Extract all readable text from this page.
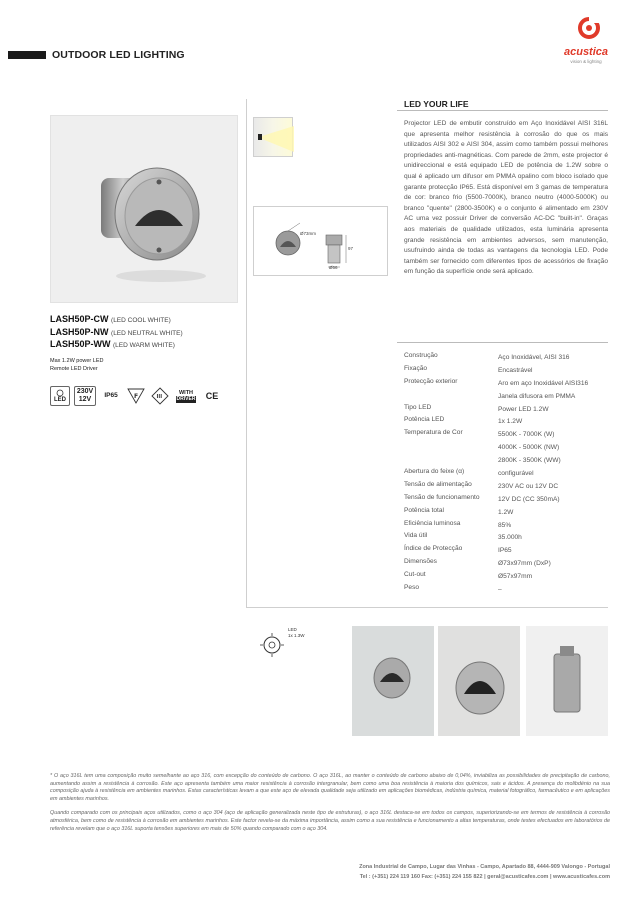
OUTDOOR LED LIGHTING	acustica
vision & lighting
LASH50P-CW (LED COOL WHITE)
LASH50P-NW (LED NEUTRAL WHITE)
LASH50P-WW (LED WARM WHITE)
Max 1.2W power LED
Remote LED Driver
LED
230V
12V
IP65	F	III
WITH
DRIVER	CE
Ø73mm
97
Ø56
LED YOUR LIFE
Projector LED de embutir construído em Aço Inoxidável AISI 316L que apresenta melhor resistência à corrosão do que os mais utilizados AISI 302 e AISI 304, assim como também possui melhores propriedades anti-magnéticas. Com parede de 2mm, este projector é unidireccional e está equipado LED de potência de 1.2W sobre o qual é aplicado um difusor em PMMA opalino com bloco isolado que garante protecção IP65. Está disponível em 3 gamas de temperatura de cor: branco frio (5500-7000K), branco neutro (4000-5000K) ou branco "quente" (2800-3500K) e o conjunto é alimentado em 230V AC uma vez possuir Driver de conversão AC-DC "built-in". Graças aos materiais de qualidade utilizados, esta luminária apresenta grande resistência em ambientes adversos, sem manutenção, usufruindo ainda de todas as vantagens da tecnologia LED. Pode também ser fornecido com diferentes tipos de acessórios de fixação em função da superfície onde será aplicado.
Construção	Aço Inoxidável, AISI 316
Fixação	Encastrável
Protecção exterior	Aro em aço Inoxidável AISI316
Janela difusora em PMMA
Tipo LED	Power LED 1.2W
Potência LED	1x 1.2W
Temperatura de Cor	5500K - 7000K (W)
4000K - 5000K (NW)
2800K - 3500K (WW)
Abertura do feixe (α)	configurável
Tensão de alimentação	230V AC ou 12V DC
Tensão de funcionamento	12V DC (CC 350mA)
Potência total	1.2W
Eficiência luminosa	85%
Vida útil	35.000h
Índice de Protecção	IP65
Dimensões	Ø73x97mm (DxP)
Cut-out	Ø57x97mm
Peso	–
LED
1x 1.3W

* O aço 316L tem uma composição muito semelhante ao aço 316, com excepção do conteúdo de carbono. O aço 316L, ao manter o conteúdo de carbono abaixo de 0,04%, inviabiliza as possibilidades de precipitação de carbono, aumentando assim a resistência à corrosão. Este aço apresenta também uma maior resistência à corrosão intergranular, bem como uma boa resistência à maioria dos químicos, sais e ácidos. A presença do molibdénio na sua composição ajuda à resistência em ambientes marinhos. Estas características levam a que este aço de elevada qualidade seja utilizado em aplicações biomédicas, indústria química, material fotográfico, farmacêutico e em aplicações em ambientes marinhos.

Quando comparado com os principais aços utilizados, como o aço 304 (aço de aplicação generalizada neste tipo de estruturas), o aço 316L destaca-se em todos os campos, superiorizando-se em termos de resistência à corrosão atmosférica, bem como de resistência à corrosão em ambientes marinhos. Este factor revela-se da máxima importância, assim como a sua resistência e funcionamento a altas temperaturas, onde testes efectuados em laboratórios de referência revelam que o aço 316L suporta tensões superiores em mais de 50% quando comparado com o aço 304.

Zona Industrial de Campo, Lugar das Vinhas - Campo, Apartado 88, 4444-909 Valongo - Portugal
Tel : (+351) 224 119 160 Fax: (+351) 224 155 822 | geral@acusticafes.com | www.acusticafes.com
